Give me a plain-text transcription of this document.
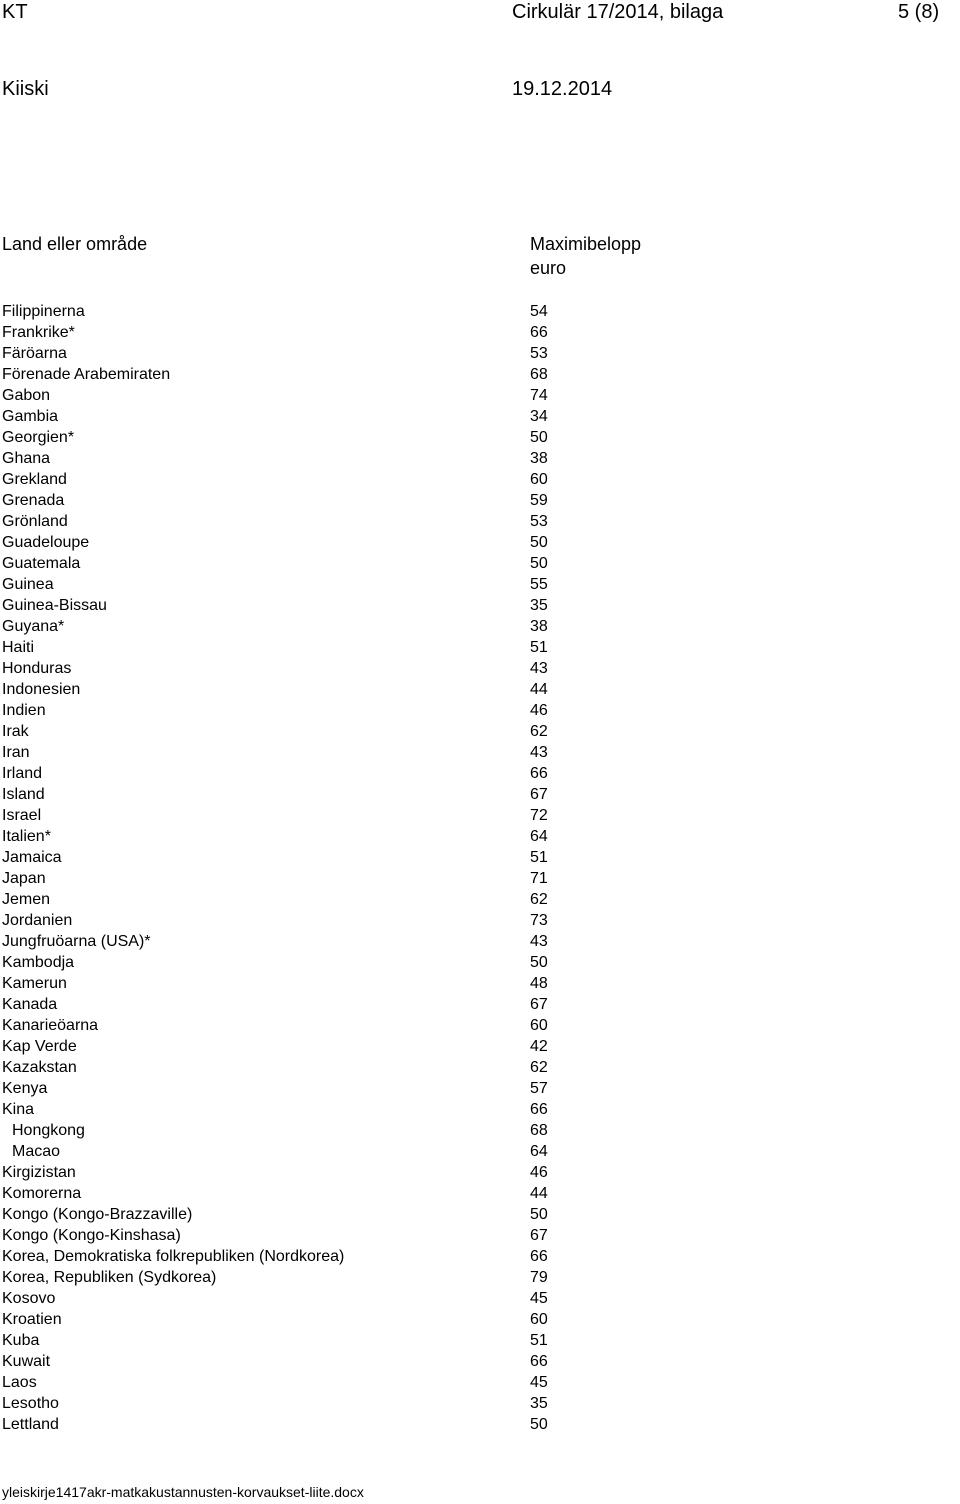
KT	Cirkulär 17/2014, bilaga	5 (8)
Kiiski	19.12.2014
Land eller område	Maximibelopp
euro
Filippinerna	54
Frankrike*	66
Färöarna	53
Förenade Arabemiraten	68
Gabon	74
Gambia	34
Georgien*	50
Ghana	38
Grekland	60
Grenada	59
Grönland	53
Guadeloupe	50
Guatemala	50
Guinea	55
Guinea-Bissau	35
Guyana*	38
Haiti	51
Honduras	43
Indonesien	44
Indien	46
Irak	62
Iran	43
Irland	66
Island	67
Israel	72
Italien*	64
Jamaica	51
Japan	71
Jemen	62
Jordanien	73
Jungfruöarna (USA)*	43
Kambodja	50
Kamerun	48
Kanada	67
Kanarieöarna	60
Kap Verde	42
Kazakstan	62
Kenya	57
Kina	66
Hongkong	68
Macao	64
Kirgizistan	46
Komorerna	44
Kongo (Kongo-Brazzaville)	50
Kongo (Kongo-Kinshasa)	67
Korea, Demokratiska folkrepubliken (Nordkorea)	66
Korea, Republiken (Sydkorea)	79
Kosovo	45
Kroatien	60
Kuba	51
Kuwait	66
Laos	45
Lesotho	35
Lettland	50
yleiskirje1417akr-matkakustannusten-korvaukset-liite.docx
